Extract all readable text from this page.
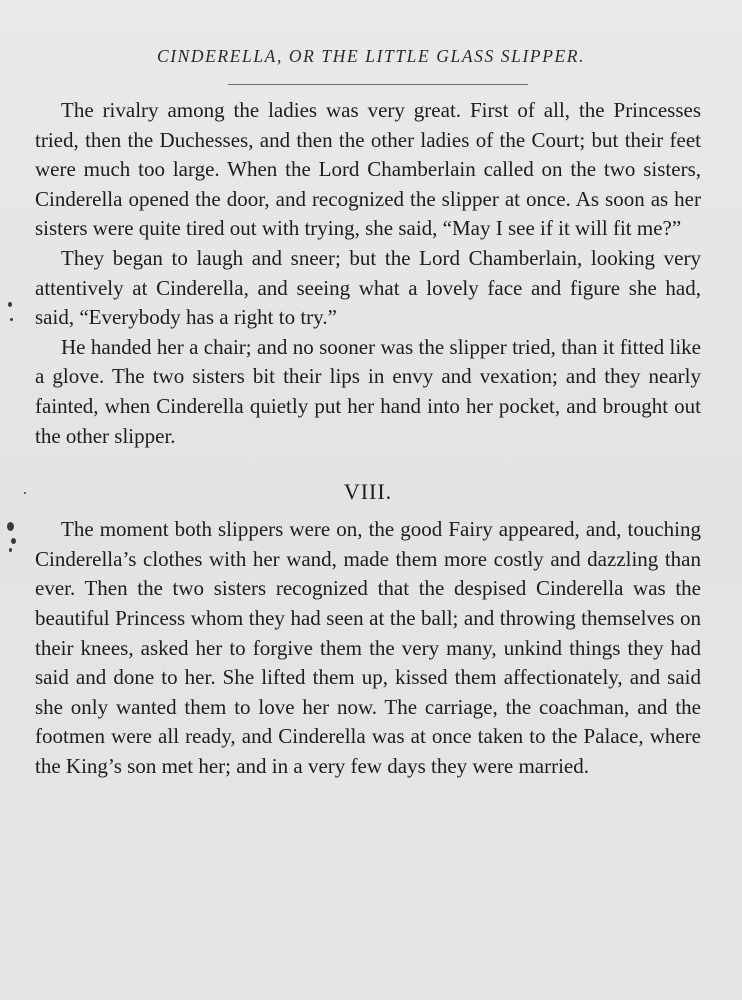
CINDERELLA, OR THE LITTLE GLASS SLIPPER.

The rivalry among the ladies was very great. First of all, the Princesses tried, then the Duchesses, and then the other ladies of the Court; but their feet were much too large. When the Lord Chamberlain called on the two sisters, Cinderella opened the door, and recognized the slipper at once. As soon as her sisters were quite tired out with trying, she said, “May I see if it will fit me?”

They began to laugh and sneer; but the Lord Chamberlain, looking very attentively at Cinderella, and seeing what a lovely face and figure she had, said, “Everybody has a right to try.”

He handed her a chair; and no sooner was the slipper tried, than it fitted like a glove. The two sisters bit their lips in envy and vexation; and they nearly fainted, when Cinderella quietly put her hand into her pocket, and brought out the other slipper.

VIII.

The moment both slippers were on, the good Fairy appeared, and, touching Cinderella’s clothes with her wand, made them more costly and dazzling than ever. Then the two sisters recognized that the despised Cinderella was the beautiful Princess whom they had seen at the ball; and throwing themselves on their knees, asked her to forgive them the very many, unkind things they had said and done to her. She lifted them up, kissed them affectionately, and said she only wanted them to love her now. The carriage, the coachman, and the footmen were all ready, and Cinderella was at once taken to the Palace, where the King’s son met her; and in a very few days they were married.
